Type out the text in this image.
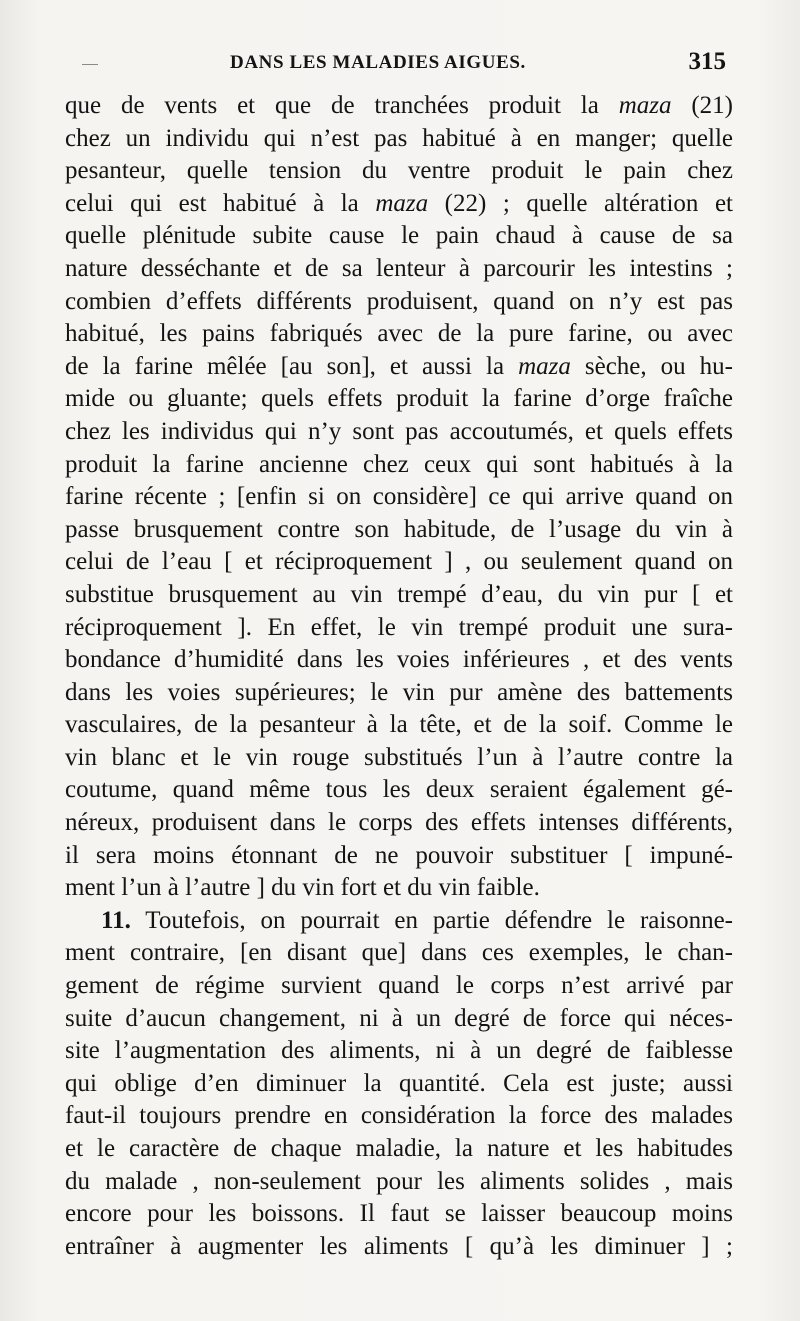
DANS LES MALADIES AIGUES.	315
que de vents et que de tranchées produit la maza (21)
chez un individu qui n’est pas habitué à en manger; quelle
pesanteur, quelle tension du ventre produit le pain chez
celui qui est habitué à la maza (22) ; quelle altération et
quelle plénitude subite cause le pain chaud à cause de sa
nature desséchante et de sa lenteur à parcourir les intestins ;
combien d’effets différents produisent, quand on n’y est pas
habitué, les pains fabriqués avec de la pure farine, ou avec
de la farine mêlée [au son], et aussi la maza sèche, ou hu-
mide ou gluante; quels effets produit la farine d’orge fraîche
chez les individus qui n’y sont pas accoutumés, et quels effets
produit la farine ancienne chez ceux qui sont habitués à la
farine récente ; [enfin si on considère] ce qui arrive quand on
passe brusquement contre son habitude, de l’usage du vin à
celui de l’eau [ et réciproquement ] , ou seulement quand on
substitue brusquement au vin trempé d’eau, du vin pur [ et
réciproquement ]. En effet, le vin trempé produit une sura-
bondance d’humidité dans les voies inférieures , et des vents
dans les voies supérieures; le vin pur amène des battements
vasculaires, de la pesanteur à la tête, et de la soif. Comme le
vin blanc et le vin rouge substitués l’un à l’autre contre la
coutume, quand même tous les deux seraient également gé-
néreux, produisent dans le corps des effets intenses différents,
il sera moins étonnant de ne pouvoir substituer [ impuné-
ment l’un à l’autre ] du vin fort et du vin faible.
11. Toutefois, on pourrait en partie défendre le raisonne-
ment contraire, [en disant que] dans ces exemples, le chan-
gement de régime survient quand le corps n’est arrivé par
suite d’aucun changement, ni à un degré de force qui néces-
site l’augmentation des aliments, ni à un degré de faiblesse
qui oblige d’en diminuer la quantité. Cela est juste; aussi
faut-il toujours prendre en considération la force des malades
et le caractère de chaque maladie, la nature et les habitudes
du malade , non-seulement pour les aliments solides , mais
encore pour les boissons. Il faut se laisser beaucoup moins
entraîner à augmenter les aliments [ qu’à les diminuer ] ;
